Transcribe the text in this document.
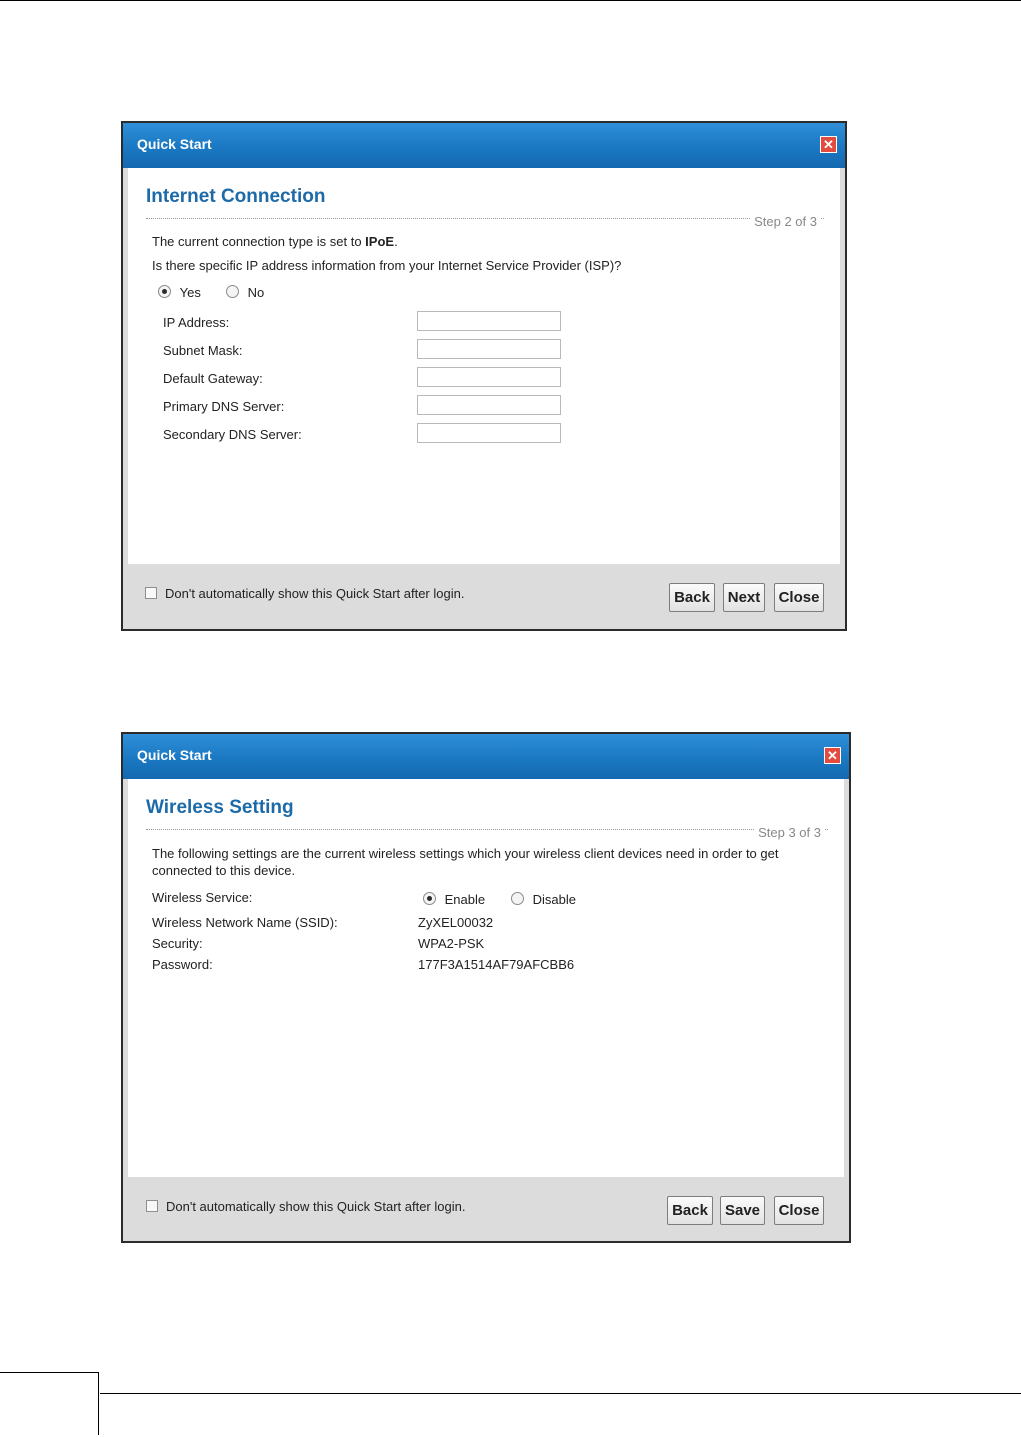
Quick Start	✕
Internet Connection
Step 2 of 3
The current connection type is set to IPoE.
Is there specific IP address information from your Internet Service Provider (ISP)?
Yes	No
IP Address:
Subnet Mask:
Default Gateway:
Primary DNS Server:
Secondary DNS Server:
Don't automatically show this Quick Start after login.	Back	Next	Close
Quick Start	✕
Wireless Setting
Step 3 of 3
The following settings are the current wireless settings which your wireless client devices need in order to get
connected to this device.
Wireless Service:	Enable	Disable
Wireless Network Name (SSID):	ZyXEL00032
Security:	WPA2-PSK
Password:	177F3A1514AF79AFCBB6
Don't automatically show this Quick Start after login.	Back	Save	Close
